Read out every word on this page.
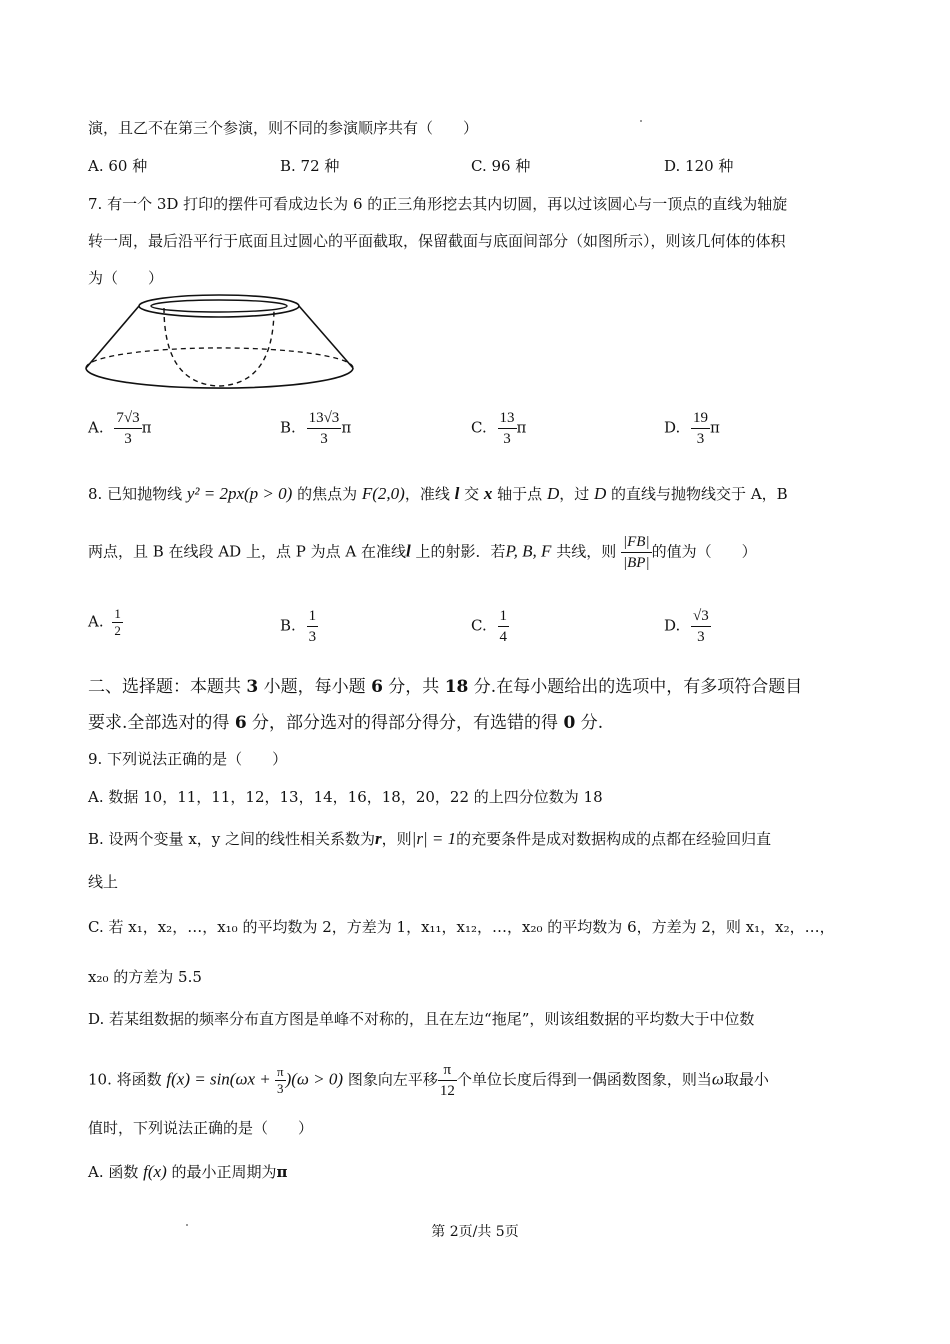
演，且乙不在第三个参演，则不同的参演顺序共有（　　）
A. 60 种	B. 72 种	C. 96 种	D. 120 种
7. 有一个 3D 打印的摆件可看成边长为 6 的正三角形挖去其内切圆，再以过该圆心与一顶点的直线为轴旋
转一周，最后沿平行于底面且过圆心的平面截取，保留截面与底面间部分（如图所示），则该几何体的体积
为（　　）
A. $\frac{7√3}{3}$ π	B. $\frac{13√3}{3}$ π	C. $\frac{13}{3}$ π	D. $\frac{19}{3}$ π
8. 已知抛物线 y² = 2px(p > 0) 的焦点为 F(2,0)，准线 l 交 x 轴于点 D，过 D 的直线与抛物线交于 A，B
两点，且 B 在线段 AD 上，点 P 为点 A 在准线l 上的射影．若P, B, F 共线，则 $\frac{|FB|}{|BP|}$ 的值为（　　）
A. $\frac{1}{2}$	B. $\frac{1}{3}$	C. $\frac{1}{4}$	D. $\frac{√3}{3}$
二、选择题：本题共 3 小题，每小题 6 分，共 18 分.在每小题给出的选项中，有多项符合题目
要求.全部选对的得 6 分，部分选对的得部分得分，有选错的得 0 分.
9. 下列说法正确的是（　　）
A. 数据 10，11，11，12，13，14，16，18，20，22 的上四分位数为 18
B. 设两个变量 x，y 之间的线性相关系数为r，则|r| = 1的充要条件是成对数据构成的点都在经验回归直
线上
C. 若 x₁，x₂，…，x₁₀ 的平均数为 2，方差为 1，x₁₁，x₁₂，…，x₂₀ 的平均数为 6，方差为 2，则 x₁，x₂，…，
x₂₀ 的方差为 5.5
D. 若某组数据的频率分布直方图是单峰不对称的，且在左边“拖尾”，则该组数据的平均数大于中位数
10. 将函数 $f(x) = \sin(\omega x + \frac{\pi}{3} )(\omega > 0)$ 图象向左平移 $\frac{\pi}{12}$ 个单位长度后得到一偶函数图象，则当ω取最小
值时，下列说法正确的是（　　）
A. 函数 f(x) 的最小正周期为π
第 2页/共 5页
